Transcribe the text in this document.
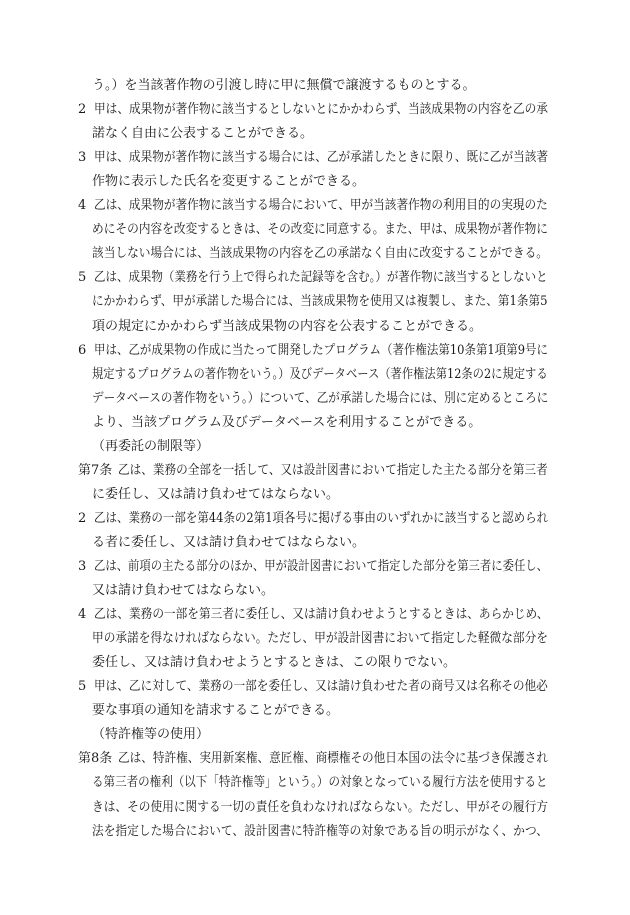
う。）を当該著作物の引渡し時に甲に無償で譲渡するものとする。
2 甲は、成果物が著作物に該当するとしないとにかかわらず、当該成果物の内容を乙の承
諾なく自由に公表することができる。
3 甲は、成果物が著作物に該当する場合には、乙が承諾したときに限り、既に乙が当該著
作物に表示した氏名を変更することができる。
4 乙は、成果物が著作物に該当する場合において、甲が当該著作物の利用目的の実現のた
めにその内容を改変するときは、その改変に同意する。また、甲は、成果物が著作物に
該当しない場合には、当該成果物の内容を乙の承諾なく自由に改変することができる。
5 乙は、成果物（業務を行う上で得られた記録等を含む。）が著作物に該当するとしないと
にかかわらず、甲が承諾した場合には、当該成果物を使用又は複製し、また、第1条第5
項の規定にかかわらず当該成果物の内容を公表することができる。
6 甲は、乙が成果物の作成に当たって開発したプログラム（著作権法第10条第1項第9号に
規定するプログラムの著作物をいう。）及びデータベース（著作権法第12条の2に規定する
データベースの著作物をいう。）について、乙が承諾した場合には、別に定めるところに
より、当該プログラム及びデータベースを利用することができる。
（再委託の制限等）
第7条 乙は、業務の全部を一括して、又は設計図書において指定した主たる部分を第三者
に委任し、又は請け負わせてはならない。
2 乙は、業務の一部を第44条の2第1項各号に掲げる事由のいずれかに該当すると認められ
る者に委任し、又は請け負わせてはならない。
3 乙は、前項の主たる部分のほか、甲が設計図書において指定した部分を第三者に委任し、
又は請け負わせてはならない。
4 乙は、業務の一部を第三者に委任し、又は請け負わせようとするときは、あらかじめ、
甲の承諾を得なければならない。ただし、甲が設計図書において指定した軽微な部分を
委任し、又は請け負わせようとするときは、この限りでない。
5 甲は、乙に対して、業務の一部を委任し、又は請け負わせた者の商号又は名称その他必
要な事項の通知を請求することができる。
（特許権等の使用）
第8条 乙は、特許権、実用新案権、意匠権、商標権その他日本国の法令に基づき保護され
る第三者の権利（以下「特許権等」という。）の対象となっている履行方法を使用すると
きは、その使用に関する一切の責任を負わなければならない。ただし、甲がその履行方
法を指定した場合において、設計図書に特許権等の対象である旨の明示がなく、かつ、
